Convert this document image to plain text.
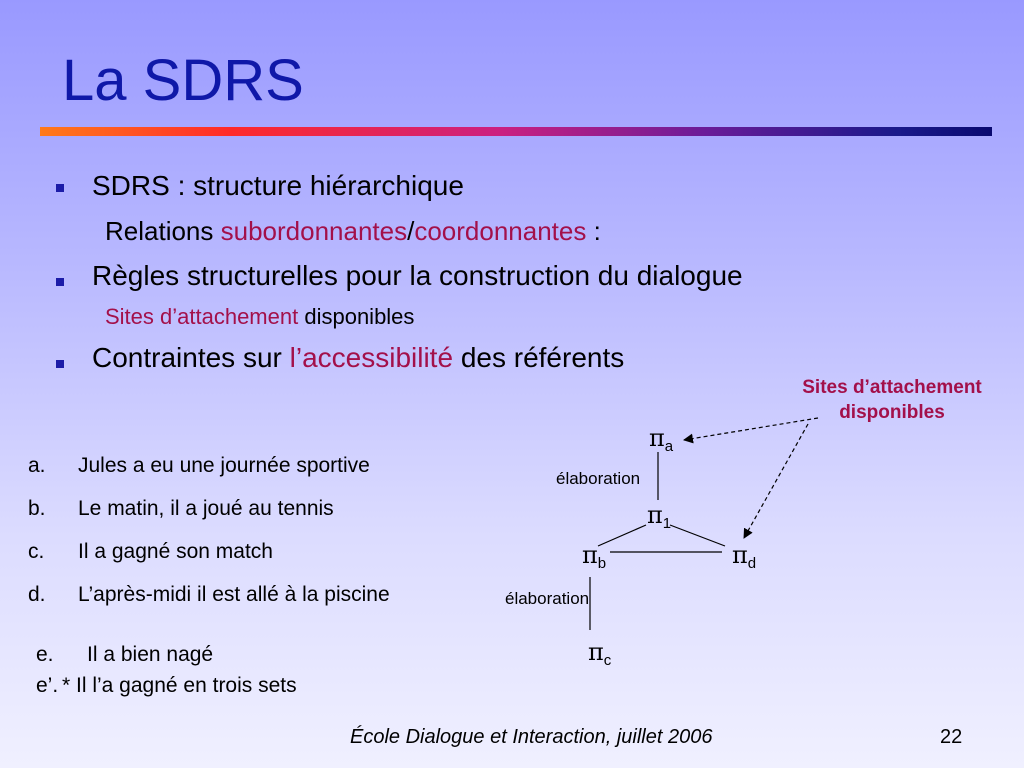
La SDRS
SDRS : structure hiérarchique
Relations subordonnantes/coordonnantes :
Règles structurelles pour la construction du dialogue
Sites d’attachement disponibles
Contraintes sur l’accessibilité des référents
a. Jules a eu une journée sportive
b. Le matin, il a joué au tennis
c. Il a gagné son match
d. L’après-midi il est allé à la piscine
e. Il a bien nagé
e’. * Il l’a gagné en trois sets
$\pi_a$
$\pi_1$
$\pi_b$	$\pi_d$
$\pi_c$
élaboration
élaboration
Sites d’attachement
disponibles
École Dialogue et Interaction, juillet 2006	22
